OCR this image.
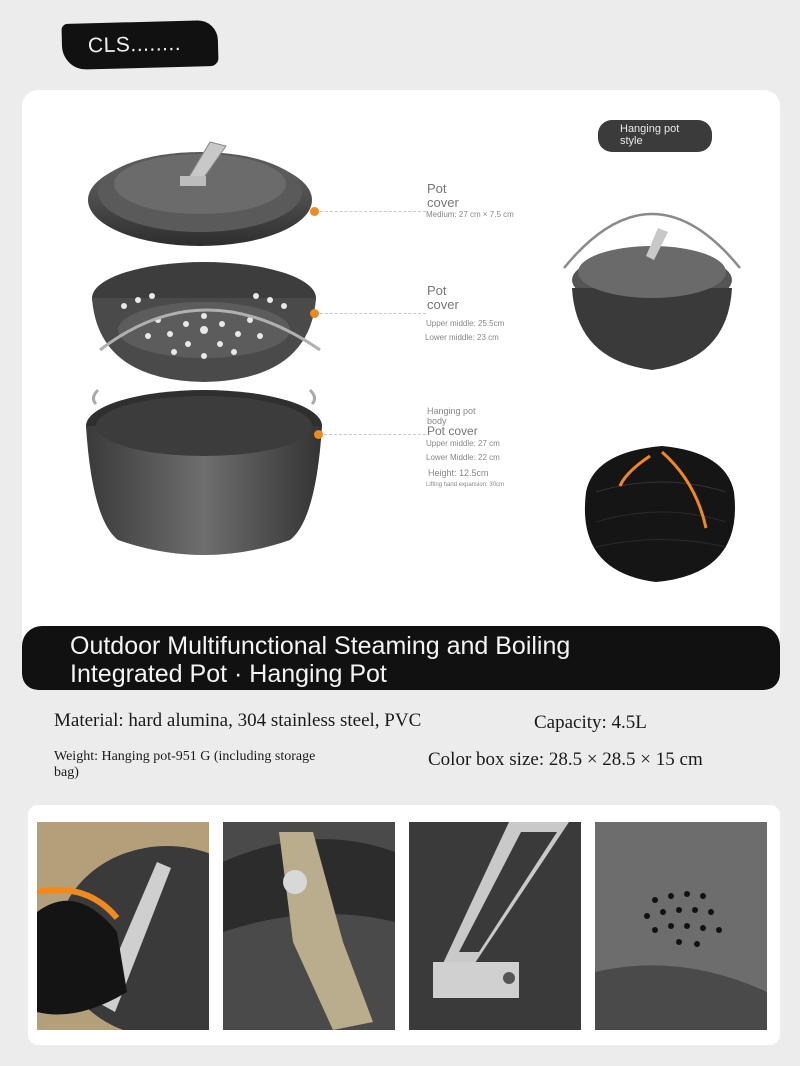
CLS........
Pot
cover
Medium: 27 cm × 7.5 cm
Pot
cover
Upper middle: 25.5cm
Lower middle: 23 cm
Hanging pot
body
Pot cover
Upper middle: 27 cm
Lower Middle: 22 cm
Height: 12.5cm
Lifting hand expansion: 30cm
Hanging pot
style
Outdoor Multifunctional Steaming and Boiling
Integrated Pot · Hanging Pot
Material: hard alumina, 304 stainless steel, PVC	Capacity: 4.5L
Weight: Hanging pot-951 G (including storage
bag)
Color box size: 28.5 × 28.5 × 15 cm
